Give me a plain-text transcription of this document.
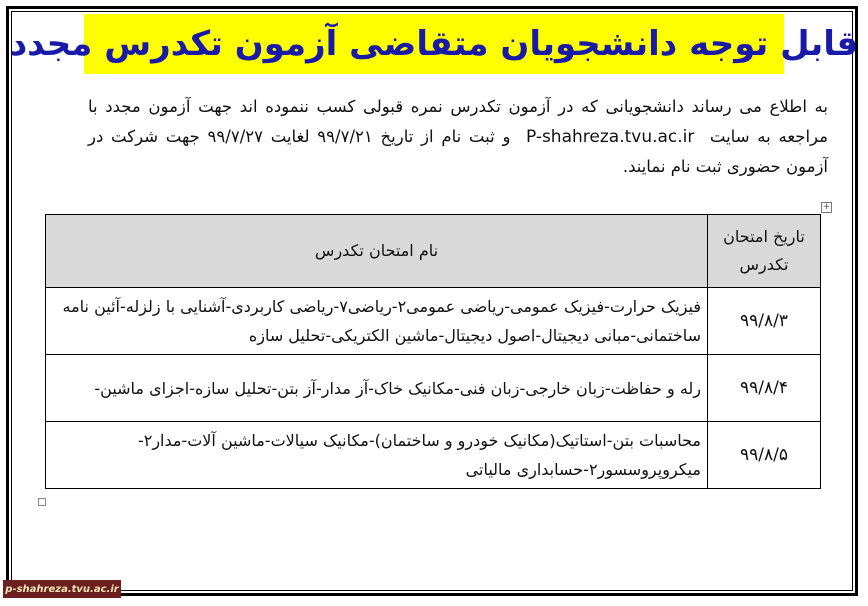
قابل توجه دانشجویان متقاضی آزمون تکدرس مجدد
به اطلاع می رساند دانشجویانی که در آزمون تکدرس نمره قبولی کسب ننموده اند جهت آزمون مجدد با مراجعه به سایت  P-shahreza.tvu.ac.ir  و ثبت نام از تاریخ ۹۹/۷/۲۱ لغایت ۹۹/۷/۲۷ جهت شرکت در آزمون حضوری ثبت نام نمایند.
+
تاریخ امتحان تکدرس	نام امتحان تکدرس
۹۹/۸/۳	فیزیک حرارت-فیزیک عمومی-ریاضی عمومی۲-ریاضی۷-ریاضی کاربردی-آشنایی با زلزله-آئین نامه ساختمانی-مبانی دیجیتال-اصول دیجیتال-ماشین الکتریکی-تحلیل سازه
۹۹/۸/۴	رله و حفاظت-زبان خارجی-زبان فنی-مکانیک خاک-آز مدار-آز بتن-تحلیل سازه-اجزای ماشین-
۹۹/۸/۵	محاسبات بتن-استاتیک(مکانیک خودرو و ساختمان)-مکانیک سیالات-ماشین آلات-مدار۲-میکروپروسسور۲-حسابداری مالیاتی
p-shahreza.tvu.ac.ir
